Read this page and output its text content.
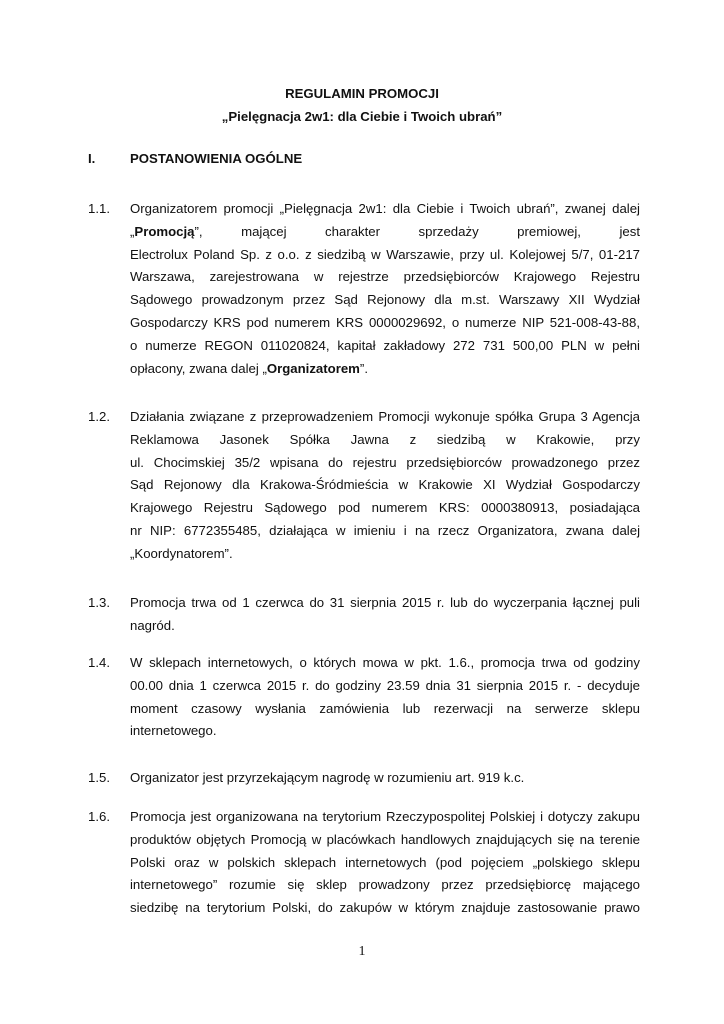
REGULAMIN PROMOCJI
„Pielęgnacja 2w1: dla Ciebie i Twoich ubrań”
I.	POSTANOWIENIA OGÓLNE
1.1. Organizatorem promocji „Pielęgnacja 2w1: dla Ciebie i Twoich ubrań”, zwanej dalej
„Promocją”, mającej charakter sprzedaży premiowej, jest
Electrolux Poland Sp. z o.o. z siedzibą w Warszawie, przy ul. Kolejowej 5/7, 01-217
Warszawa, zarejestrowana w rejestrze przedsiębiorców Krajowego Rejestru
Sądowego prowadzonym przez Sąd Rejonowy dla m.st. Warszawy XII Wydział
Gospodarczy KRS pod numerem KRS 0000029692, o numerze NIP 521-008-43-88,
o numerze REGON 011020824, kapitał zakładowy 272 731 500,00 PLN w pełni
opłacony, zwana dalej „Organizatorem”.
1.2. Działania związane z przeprowadzeniem Promocji wykonuje spółka Grupa 3 Agencja
Reklamowa Jasonek Spółka Jawna z siedzibą w Krakowie, przy
ul. Chocimskiej 35/2 wpisana do rejestru przedsiębiorców prowadzonego przez
Sąd Rejonowy dla Krakowa-Śródmieścia w Krakowie XI Wydział Gospodarczy
Krajowego Rejestru Sądowego pod numerem KRS: 0000380913, posiadająca
nr NIP: 6772355485, działająca w imieniu i na rzecz Organizatora, zwana dalej
„Koordynatorem”.
1.3. Promocja trwa od 1 czerwca do 31 sierpnia 2015 r. lub do wyczerpania łącznej puli
nagród.
1.4. W sklepach internetowych, o których mowa w pkt. 1.6., promocja trwa od godziny
00.00 dnia 1 czerwca 2015 r. do godziny 23.59 dnia 31 sierpnia 2015 r. - decyduje
moment czasowy wysłania zamówienia lub rezerwacji na serwerze sklepu
internetowego.
1.5. Organizator jest przyrzekającym nagrodę w rozumieniu art. 919 k.c.
1.6. Promocja jest organizowana na terytorium Rzeczypospolitej Polskiej i dotyczy zakupu
produktów objętych Promocją w placówkach handlowych znajdujących się na terenie
Polski oraz w polskich sklepach internetowych (pod pojęciem „polskiego sklepu
internetowego” rozumie się sklep prowadzony przez przedsiębiorcę mającego
siedzibę na terytorium Polski, do zakupów w którym znajduje zastosowanie prawo
1
